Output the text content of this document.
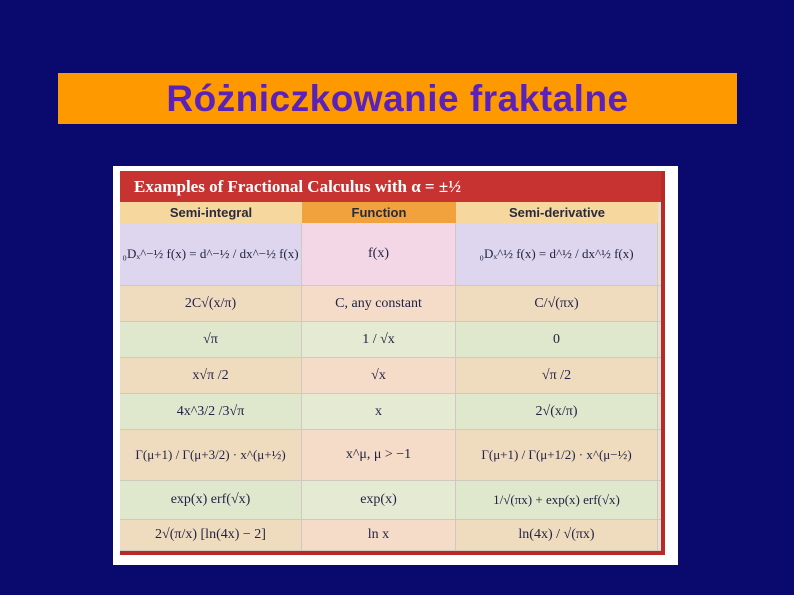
Różniczkowanie fraktalne
Examples of Fractional Calculus with α = ±½
Semi-integral	Function	Semi-derivative
₀Dₓ^−½ f(x) = d^−½ / dx^−½ f(x)	f(x)	₀Dₓ^½ f(x) = d^½ / dx^½ f(x)
2C√(x/π)	C, any constant	C/√(πx)
√π	1 / √x	0
x√π /2	√x	√π /2
4x^3/2 /3√π	x	2√(x/π)
Γ(μ+1) / Γ(μ+3/2) · x^(μ+½)	x^μ, μ > −1	Γ(μ+1) / Γ(μ+1/2) · x^(μ−½)
exp(x) erf(√x)	exp(x)	1/√(πx) + exp(x) erf(√x)
2√(π/x) [ln(4x) − 2]	ln x	ln(4x) / √(πx)
